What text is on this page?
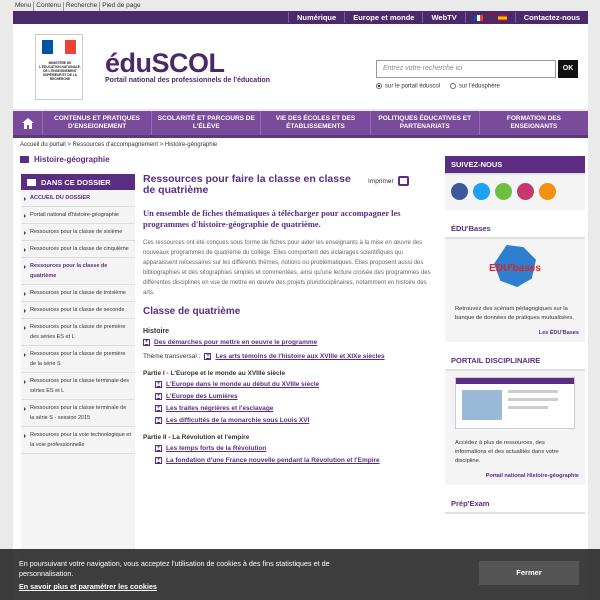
Menu Contenu Recherche Pied de page
Numérique	Europe et monde	WebTV	Contactez-nous
MINISTÈRE DE L'ÉDUCATION NATIONALE, DE L'ENSEIGNEMENT SUPÉRIEUR ET DE LA RECHERCHE
éduSCOL
Portail national des professionnels de l'éducation
Entrez votre recherche ici	OK
sur le portail éduscol	sur l'édusphère
CONTENUS ET PRATIQUES D'ENSEIGNEMENT
SCOLARITÉ ET PARCOURS DE L'ÉLÈVE
VIE DES ÉCOLES ET DES ÉTABLISSEMENTS
POLITIQUES ÉDUCATIVES ET PARTENARIATS
FORMATION DES ENSEIGNANTS
Accueil du portail > Ressources d'accompagnement > Histoire-géographie
Histoire-géographie
DANS CE DOSSIER
ACCUEIL DU DOSSIER
Portail national d'histoire-géographie
Ressources pour la classe de sixième
Ressources pour la classe de cinquième
Ressources pour la classe de quatrième
Ressources pour la classe de troisième
Ressources pour la classe de seconde
Ressources pour la classe de première des séries ES et L
Ressources pour la classe de première de la série S
Ressources pour la classe terminale des séries ES et L
Ressources pour la classe terminale de la série S - session 2015
Ressources pour la voie technologique et la voie professionnelle
Ressources pour faire la classe en classe de quatrième
Imprimer
Un ensemble de fiches thématiques à télécharger pour accompagner les programmes d'histoire-géographie de quatrième.
Ces ressources ont été conçues sous forme de fiches pour aider les enseignants à la mise en œuvre des nouveaux programmes de quatrième du collège. Elles comportent des éclairages scientifiques qui apparaissent nécessaires sur les différents thèmes, notions ou problématiques. Elles proposent aussi des bibliographies et des sitographies simples et commentées, ainsi qu'une lecture croisée des programmes des différentes disciplines en vue de mettre en œuvre des projets pluridisciplinaires, notamment en histoire des arts.
Classe de quatrième
Histoire
+ Des démarches pour mettre en oeuvre le programme
Thème transversal : + Les arts témoins de l'histoire aux XVIIIe et XIXe siècles
Partie I - L'Europe et le monde au XVIIIe siècle
+ L'Europe dans le monde au début du XVIIIe siècle
+ L'Europe des Lumières
+ Les traites négrières et l'esclavage
+ Les difficultés de la monarchie sous Louis XVI
Partie II - La Révolution et l'empire
+ Les temps forts de la Révolution
+ La fondation d'une France nouvelle pendant la Révolution et l'Empire
SUIVEZ-NOUS
ÉDU'Bases
EDU'bases
Retrouvez des scénarii pédagogiques sur la banque de données de pratiques mutualisées.
Les ÉDU'Bases
PORTAIL DISCIPLINAIRE
Accédez à plus de ressources, des informations et des actualités dans votre discipline.
Portail national Histoire-géographie
Prép'Exam
En poursuivant votre navigation, vous acceptez l'utilisation de cookies à des fins statistiques et de personnalisation.
En savoir plus et paramétrer les cookies
Fermer
